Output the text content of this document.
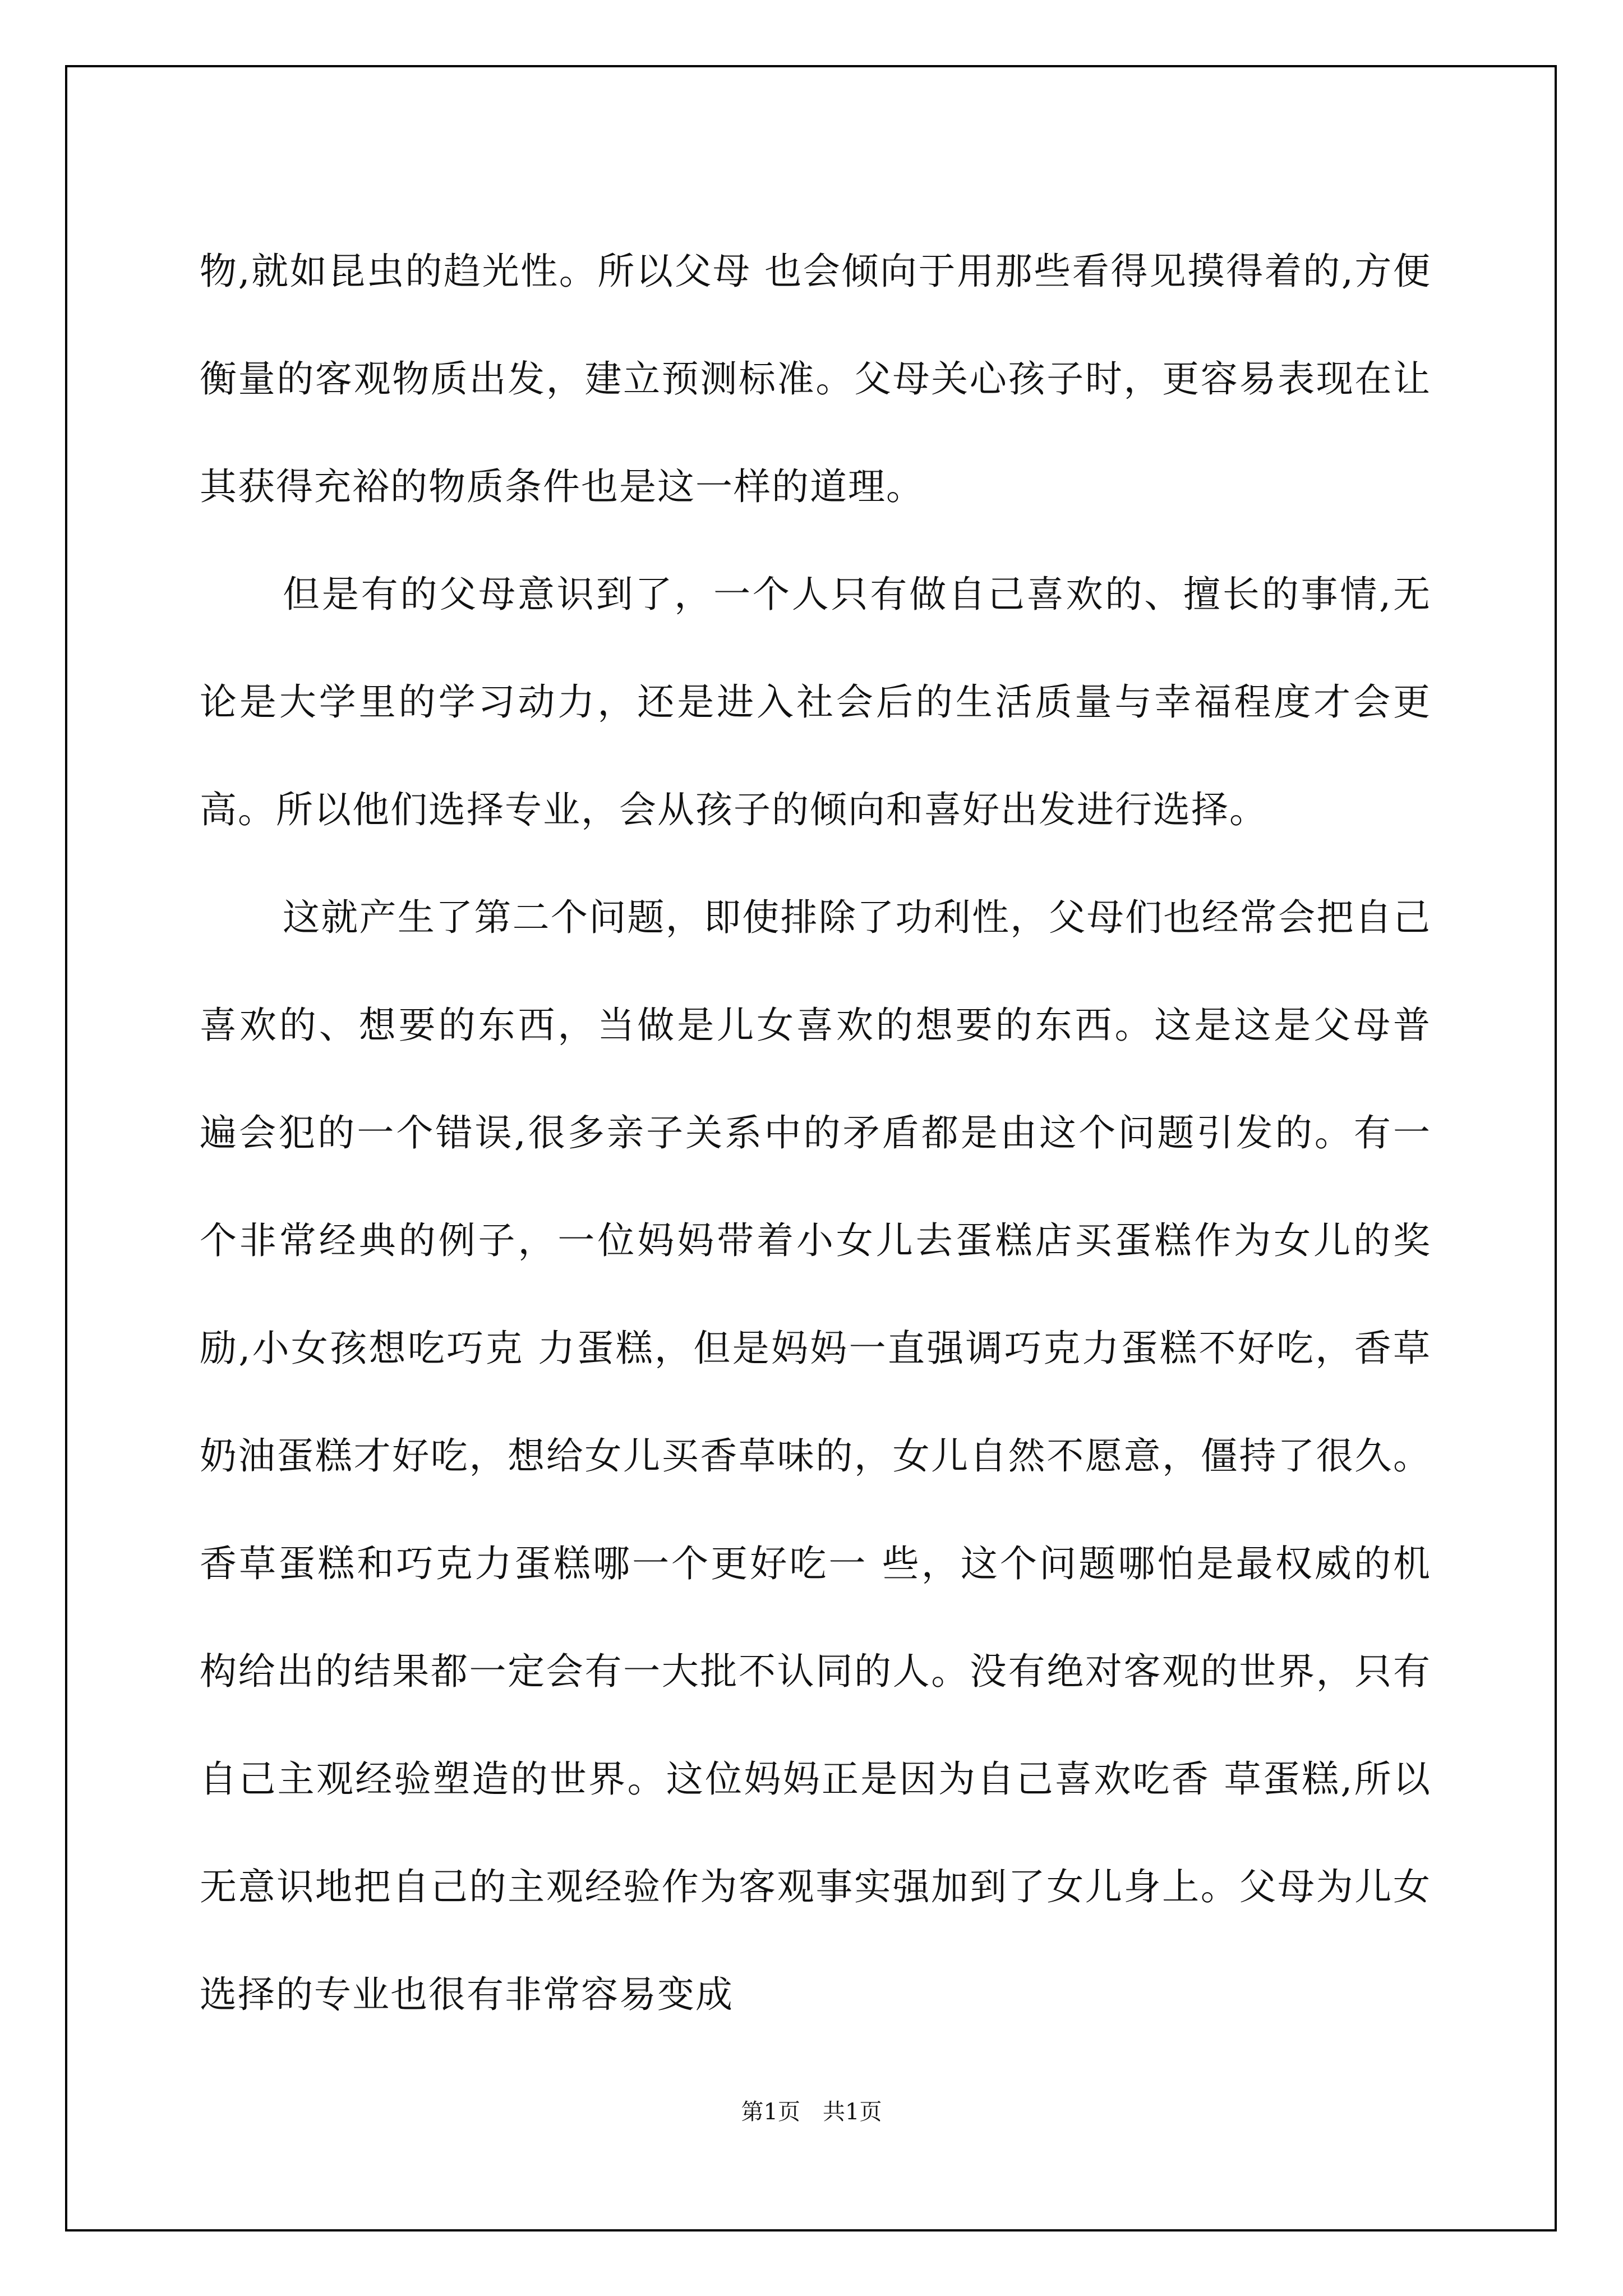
物,就如昆虫的趋光性。所以父母 也会倾向于用那些看得见摸得着的,方便衡量的客观物质出发，建立预测标准。父母关心孩子时，更容易表现在让其获得充裕的物质条件也是这一样的道理。
但是有的父母意识到了，一个人只有做自己喜欢的、擅长的事情,无论是大学里的学习动力，还是进入社会后的生活质量与幸福程度才会更高。所以他们选择专业，会从孩子的倾向和喜好出发进行选择。
这就产生了第二个问题，即使排除了功利性，父母们也经常会把自己喜欢的、想要的东西，当做是儿女喜欢的想要的东西。这是这是父母普 遍会犯的一个错误,很多亲子关系中的矛盾都是由这个问题引发的。有一个非常经典的例子，一位妈妈带着小女儿去蛋糕店买蛋糕作为女儿的奖励,小女孩想吃巧克 力蛋糕，但是妈妈一直强调巧克力蛋糕不好吃，香草奶油蛋糕才好吃，想给女儿买香草味的，女儿自然不愿意，僵持了很久。香草蛋糕和巧克力蛋糕哪一个更好吃一 些，这个问题哪怕是最权威的机构给出的结果都一定会有一大批不认同的人。没有绝对客观的世界，只有自己主观经验塑造的世界。这位妈妈正是因为自己喜欢吃香 草蛋糕,所以无意识地把自己的主观经验作为客观事实强加到了女儿身上。父母为儿女选择的专业也很有非常容易变成
第1页　共1页
